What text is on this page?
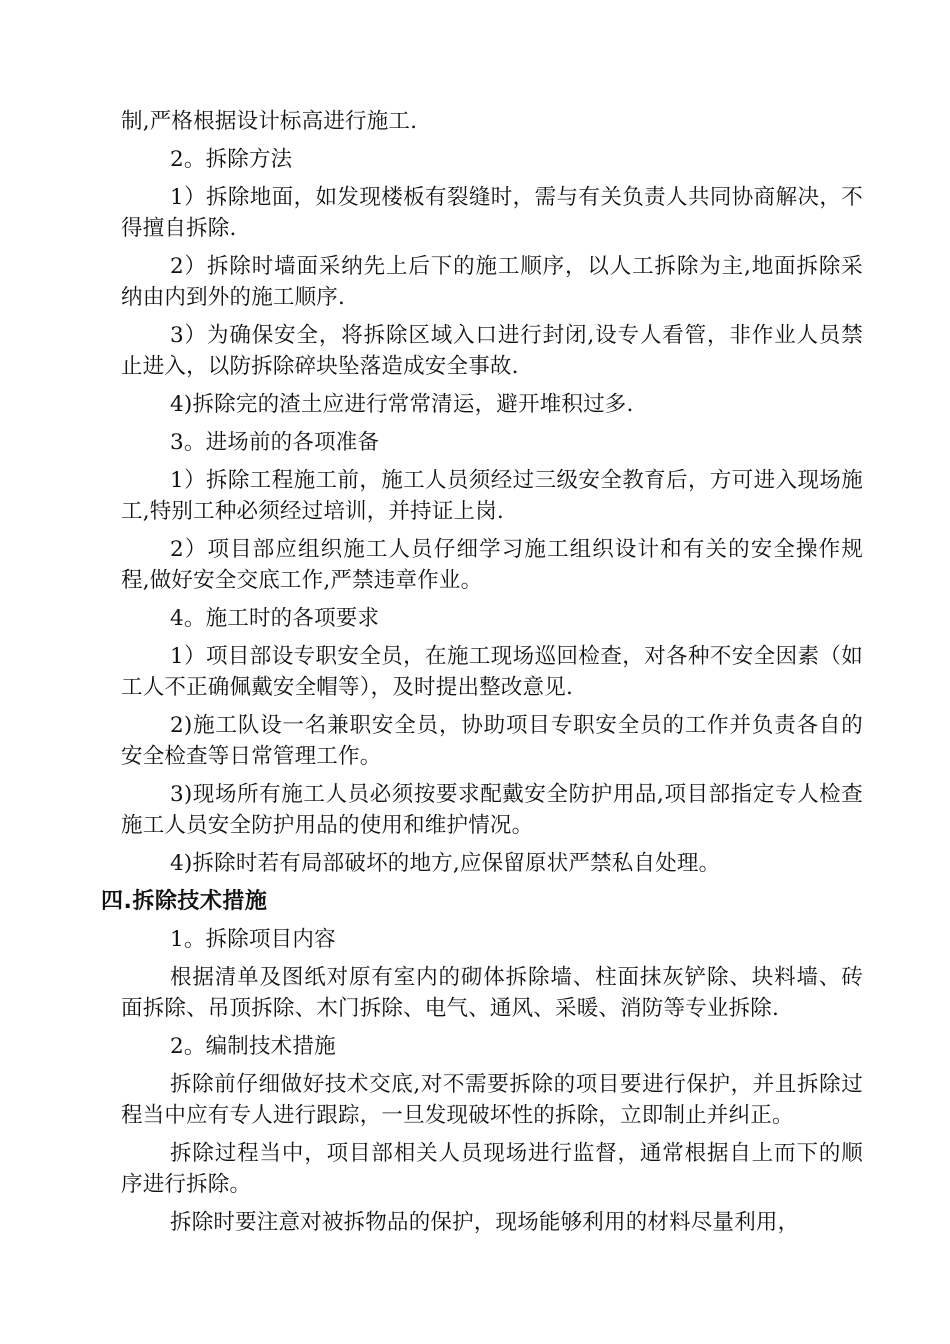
制,严格根据设计标高进行施工.

2。拆除方法

1）拆除地面，如发现楼板有裂缝时，需与有关负责人共同协商解决，不得擅自拆除.

2）拆除时墙面采纳先上后下的施工顺序，以人工拆除为主,地面拆除采纳由内到外的施工顺序.

3）为确保安全，将拆除区域入口进行封闭,设专人看管，非作业人员禁止进入，以防拆除碎块坠落造成安全事故.

4)拆除完的渣土应进行常常清运，避开堆积过多.

3。进场前的各项准备

1）拆除工程施工前，施工人员须经过三级安全教育后，方可进入现场施工,特别工种必须经过培训，并持证上岗.

2）项目部应组织施工人员仔细学习施工组织设计和有关的安全操作规程,做好安全交底工作,严禁违章作业。

4。施工时的各项要求

1）项目部设专职安全员，在施工现场巡回检查，对各种不安全因素（如工人不正确佩戴安全帽等），及时提出整改意见.

2)施工队设一名兼职安全员，协助项目专职安全员的工作并负责各自的安全检查等日常管理工作。

3)现场所有施工人员必须按要求配戴安全防护用品,项目部指定专人检查施工人员安全防护用品的使用和维护情况。

4)拆除时若有局部破坏的地方,应保留原状严禁私自处理。

四.拆除技术措施

1。拆除项目内容

根据清单及图纸对原有室内的砌体拆除墙、柱面抹灰铲除、块料墙、砖面拆除、吊顶拆除、木门拆除、电气、通风、采暖、消防等专业拆除.

2。编制技术措施

拆除前仔细做好技术交底,对不需要拆除的项目要进行保护，并且拆除过程当中应有专人进行跟踪，一旦发现破坏性的拆除，立即制止并纠正。

拆除过程当中，项目部相关人员现场进行监督，通常根据自上而下的顺序进行拆除。

拆除时要注意对被拆物品的保护，现场能够利用的材料尽量利用，
